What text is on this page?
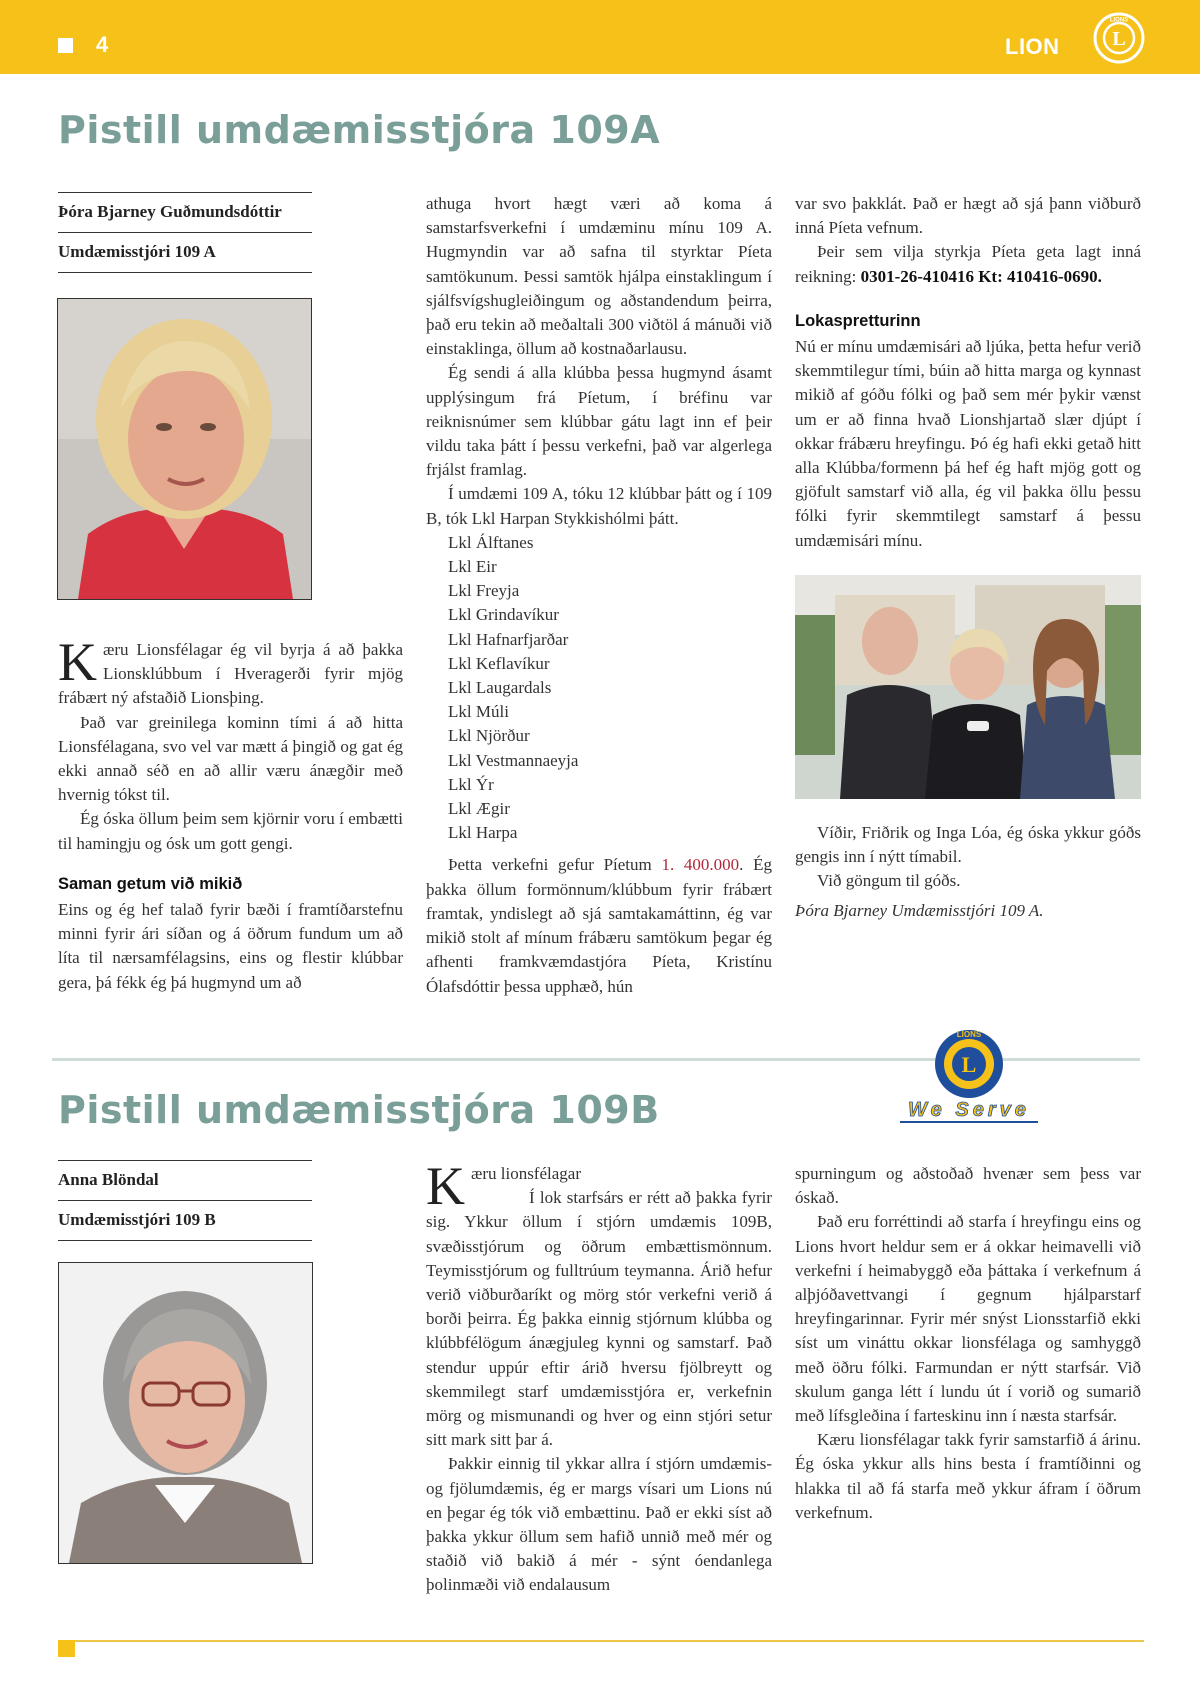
4	LION	L
LIONS
Pistill umdæmisstjóra 109A
Þóra Bjarney Guðmundsdóttir
Umdæmisstjóri 109 A

Kæru Lionsfélagar ég vil byrja á að þakka Lionsklúbbum í Hveragerði fyrir mjög frábært ný afstaðið Lionsþing.

Það var greinilega kominn tími á að hitta Lionsfélagana, svo vel var mætt á þingið og gat ég ekki annað séð en að allir væru ánægðir með hvernig tókst til.

Ég óska öllum þeim sem kjörnir voru í embætti til hamingju og ósk um gott gengi.

Saman getum við mikið

Eins og ég hef talað fyrir bæði í framtíðarstefnu minni fyrir ári síðan og á öðrum fundum um að líta til nærsamfélagsins, eins og flestir klúbbar gera, þá fékk ég þá hugmynd um að

athuga hvort hægt væri að koma á samstarfsverkefni í umdæminu mínu 109 A. Hugmyndin var að safna til styrktar Píeta samtökunum. Þessi samtök hjálpa einstaklingum í sjálfsvígshugleiðingum og aðstandendum þeirra, það eru tekin að meðaltali 300 viðtöl á mánuði við einstaklinga, öllum að kostnaðarlausu.

Ég sendi á alla klúbba þessa hugmynd ásamt upplýsingum frá Píetum, í bréfinu var reiknisnúmer sem klúbbar gátu lagt inn ef þeir vildu taka þátt í þessu verkefni, það var algerlega frjálst framlag.

Í umdæmi 109 A, tóku 12 klúbbar þátt og í 109 B, tók Lkl Harpan Stykkishólmi þátt.

Lkl Álftanes
Lkl Eir
Lkl Freyja
Lkl Grindavíkur
Lkl Hafnarfjarðar
Lkl Keflavíkur
Lkl Laugardals
Lkl Múli
Lkl Njörður
Lkl Vestmannaeyja
Lkl Ýr
Lkl Ægir
Lkl Harpa

Þetta verkefni gefur Píetum 1. 400.000. Ég þakka öllum formönnum/klúbbum fyrir frábært framtak, yndislegt að sjá samtakamáttinn, ég var mikið stolt af mínum frábæru samtökum þegar ég afhenti framkvæmdastjóra Píeta, Kristínu Ólafsdóttir þessa upphæð, hún

var svo þakklát. Það er hægt að sjá þann viðburð inná Píeta vefnum.

Þeir sem vilja styrkja Píeta geta lagt inná reikning: 0301-26-410416 Kt: 410416-0690.

Lokaspretturinn

Nú er mínu umdæmisári að ljúka, þetta hefur verið skemmtilegur tími, búin að hitta marga og kynnast mikið af góðu fólki og það sem mér þykir vænst um er að finna hvað Lionshjartað slær djúpt í okkar frábæru hreyfingu. Þó ég hafi ekki getað hitt alla Klúbba/formenn þá hef ég haft mjög gott og gjöfult samstarf við alla, ég vil þakka öllu þessu fólki fyrir skemmtilegt samstarf á þessu umdæmisári mínu.

Víðir, Friðrik og Inga Lóa, ég óska ykkur góðs gengis inn í nýtt tímabil.

Við göngum til góðs.

Þóra Bjarney Umdæmisstjóri 109 A.

L
LIONS
We Serve
Pistill umdæmisstjóra 109B
Anna Blöndal
Umdæmisstjóri 109 B

Kæru lionsfélagar

Í lok starfsárs er rétt að þakka fyrir sig. Ykkur öllum í stjórn umdæmis 109B, svæðisstjórum og öðrum embættismönnum. Teymisstjórum og fulltrúum teymanna. Árið hefur verið viðburðaríkt og mörg stór verkefni verið á borði þeirra. Ég þakka einnig stjórnum klúbba og klúbbfélögum ánægjuleg kynni og samstarf. Það stendur uppúr eftir árið hversu fjölbreytt og skemmilegt starf umdæmisstjóra er, verkefnin mörg og mismunandi og hver og einn stjóri setur sitt mark sitt þar á.

Þakkir einnig til ykkar allra í stjórn umdæmis- og fjölumdæmis, ég er margs vísari um Lions nú en þegar ég tók við embættinu. Það er ekki síst að þakka ykkur öllum sem hafið unnið með mér og staðið við bakið á mér - sýnt óendanlega þolinmæði við endalausum

spurningum og aðstoðað hvenær sem þess var óskað.

Það eru forréttindi að starfa í hreyfingu eins og Lions hvort heldur sem er á okkar heimavelli við verkefni í heimabyggð eða þáttaka í verkefnum á alþjóðavettvangi í gegnum hjálparstarf hreyfingarinnar. Fyrir mér snýst Lionsstarfið ekki síst um vináttu okkar lionsfélaga og samhyggð með öðru fólki. Farmundan er nýtt starfsár. Við skulum ganga létt í lundu út í vorið og sumarið með lífsgleðina í farteskinu inn í næsta starfsár.

Kæru lionsfélagar takk fyrir samstarfið á árinu. Ég óska ykkur alls hins besta í framtíðinni og hlakka til að fá starfa með ykkur áfram í öðrum verkefnum.
